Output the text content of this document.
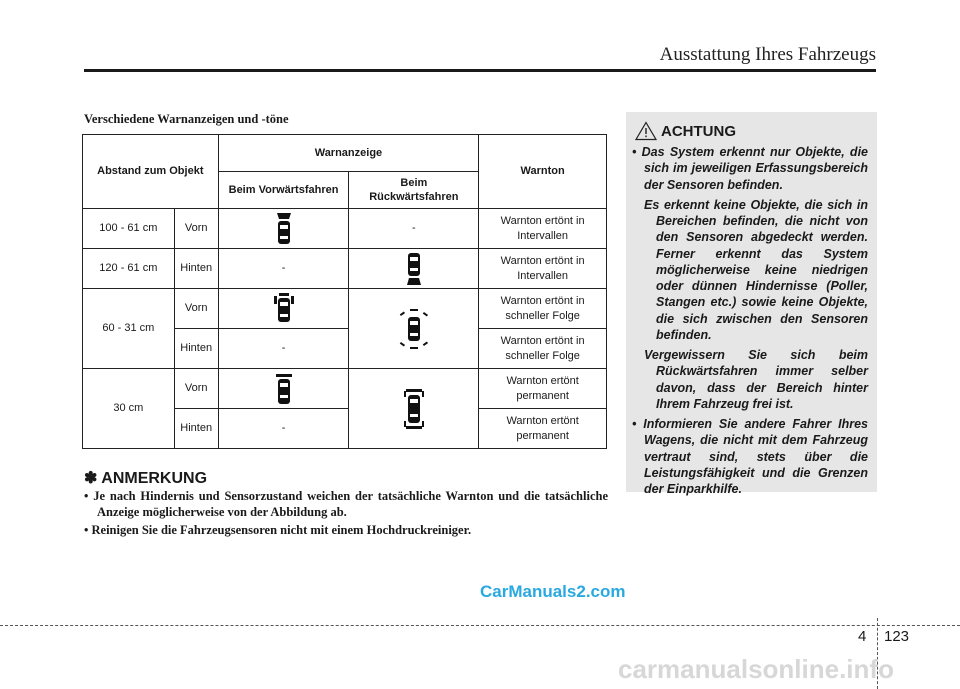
Ausstattung Ihres Fahrzeugs
Verschiedene Warnanzeigen und -töne
Abstand zum Objekt		Warnanzeige		Warnton
		Beim Vorwärtsfahren	Beim
Rückwärtsfahren	
100 - 61 cm	Vorn		-	Warnton ertönt in Intervallen
120 - 61 cm	Hinten	-		Warnton ertönt in Intervallen
60 - 31 cm	Vorn			Warnton ertönt in schneller Folge
	Hinten	-		Warnton ertönt in schneller Folge
30 cm	Vorn			Warnton ertönt permanent
	Hinten	-		Warnton ertönt permanent
✽ ANMERKUNG
• Je nach Hindernis und Sensorzustand weichen der tatsächliche Warnton und die tatsächliche Anzeige möglicherweise von der Abbildung ab.
• Reinigen Sie die Fahrzeugsensoren nicht mit einem Hochdruckreiniger.
ACHTUNG
• Das System erkennt nur Objekte, die sich im jeweiligen Erfassungsbereich der Sensoren befinden.

Es erkennt keine Objekte, die sich in Bereichen befinden, die nicht von den Sensoren abgedeckt werden. Ferner erkennt das System möglicherweise keine niedrigen oder dünnen Hindernisse (Poller, Stangen etc.) sowie keine Objekte, die sich zwischen den Sensoren befinden.

Vergewissern Sie sich beim Rückwärtsfahren immer selber davon, dass der Bereich hinter Ihrem Fahrzeug frei ist.

• Informieren Sie andere Fahrer Ihres Wagens, die nicht mit dem Fahrzeug vertraut sind, stets über die Leistungsfähigkeit und die Grenzen der Einparkhilfe.
CarManuals2.com
4 123
carmanualsonline.info
